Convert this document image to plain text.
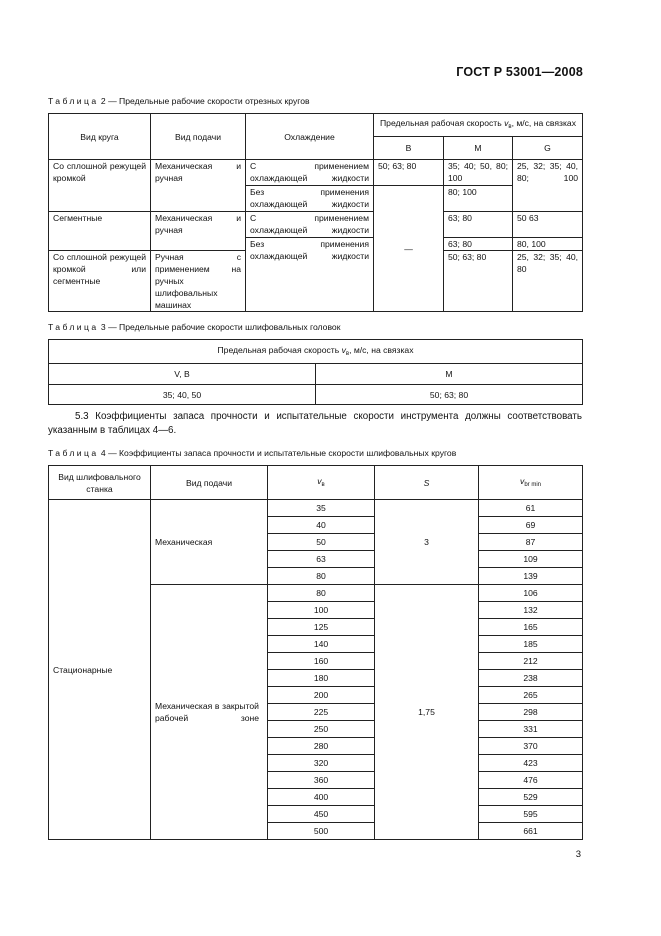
ГОСТ Р 53001—2008
Таблица 2 — Предельные рабочие скорости отрезных кругов
Вид круга	Вид подачи	Охлаждение	Предельная рабочая скорость $v_в$, м/с, на связках		
			В	М	G
Со сплошной режущей кромкой	Механическая и ручная	С применением охлаждающей жидкости	50; 63; 80	35; 40; 50, 80; 100	25, 32; 35; 40, 80; 100
		Без применения охлаждающей жидкости	—	80; 100	
Сегментные	Механическая и ручная	С применением охлаждающей жидкости		63; 80	50 63
		Без применения охлаждающей жидкости		63; 80	80, 100
Со сплошной режущей кромкой или сегментные	Ручная с применением на ручных шлифовальных машинах			50; 63; 80	25, 32; 35; 40, 80
Таблица 3 — Предельные рабочие скорости шлифовальных головок
Предельная рабочая скорость $v_в$, м/с, на связках	
V, В	М
35; 40, 50	50; 63; 80
5.3 Коэффициенты запаса прочности и испытательные скорости инструмента должны соответствовать указанным в таблицах 4—6.
Таблица 4 — Коэффициенты запаса прочности и испытательные скорости шлифовальных кругов
Вид шлифовального станка	Вид подачи	$v_в$	S	$v_{br min}$
Стационарные	Механическая	35	3	61
		40		69
		50		87
		63		109
		80		139
	Механическая в закрытой рабочей зоне	80	1,75	106
		100		132
		125		165
		140		185
		160		212
		180		238
		200		265
		225		298
		250		331
		280		370
		320		423
		360		476
		400		529
		450		595
		500		661
3
